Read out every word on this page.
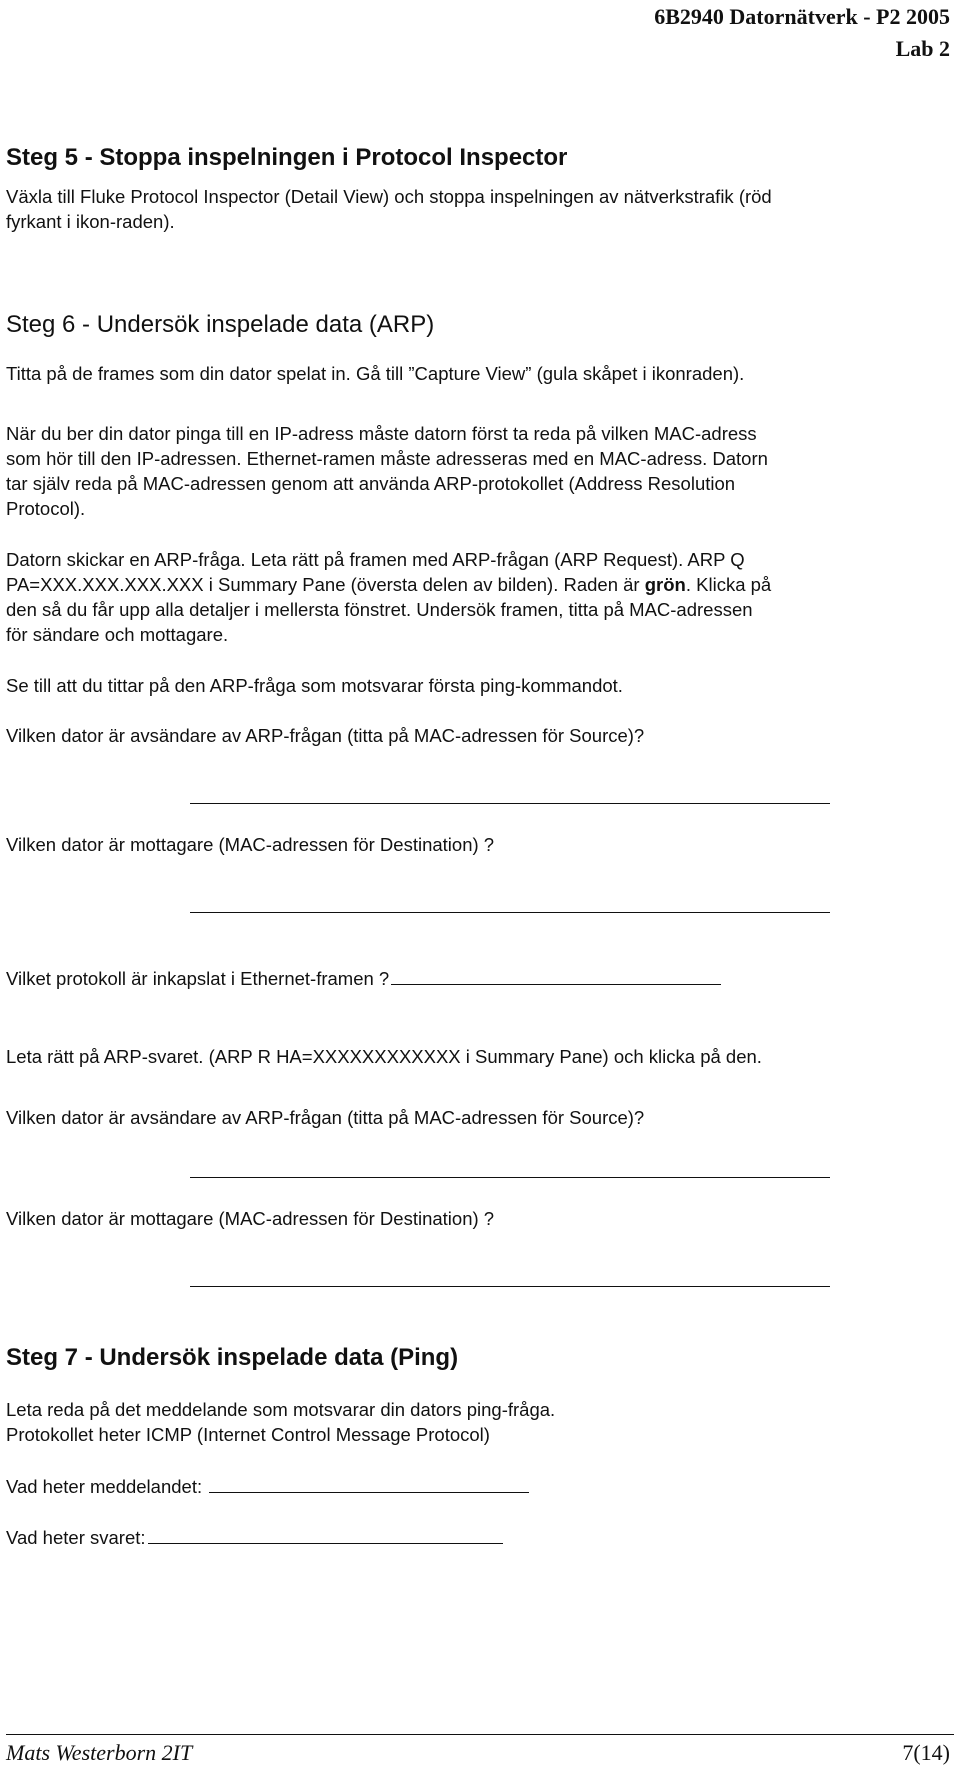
6B2940 Datornätverk - P2 2005
Lab 2
Steg 5 - Stoppa inspelningen i Protocol Inspector
Växla till Fluke Protocol Inspector (Detail View) och stoppa inspelningen av nätverkstrafik (röd
fyrkant i ikon-raden).
Steg 6 - Undersök inspelade data (ARP)
Titta på de frames som din dator spelat in. Gå till ”Capture View” (gula skåpet i ikonraden).
När du ber din dator pinga till en IP-adress måste datorn först ta reda på vilken MAC-adress
som hör till den IP-adressen. Ethernet-ramen måste adresseras med en MAC-adress. Datorn
tar själv reda på MAC-adressen genom att använda ARP-protokollet (Address Resolution
Protocol).
Datorn skickar en ARP-fråga. Leta rätt på framen med ARP-frågan (ARP Request). ARP Q
PA=XXX.XXX.XXX.XXX i Summary Pane (översta delen av bilden). Raden är grön. Klicka på
den så du får upp alla detaljer i mellersta fönstret. Undersök framen, titta på MAC-adressen
för sändare och mottagare.
Se till att du tittar på den ARP-fråga som motsvarar första ping-kommandot.
Vilken dator är avsändare av ARP-frågan (titta på MAC-adressen för Source)?
Vilken dator är mottagare (MAC-adressen för Destination) ?
Vilket protokoll är inkapslat i Ethernet-framen ?
Leta rätt på ARP-svaret. (ARP R HA=XXXXXXXXXXXX i Summary Pane) och klicka på den.
Vilken dator är avsändare av ARP-frågan (titta på MAC-adressen för Source)?
Vilken dator är mottagare (MAC-adressen för Destination) ?
Steg 7 - Undersök inspelade data (Ping)
Leta reda på det meddelande som motsvarar din dators ping-fråga.
Protokollet heter ICMP (Internet Control Message Protocol)
Vad heter meddelandet:
Vad heter svaret:
Mats Westerborn 2IT	7(14)
